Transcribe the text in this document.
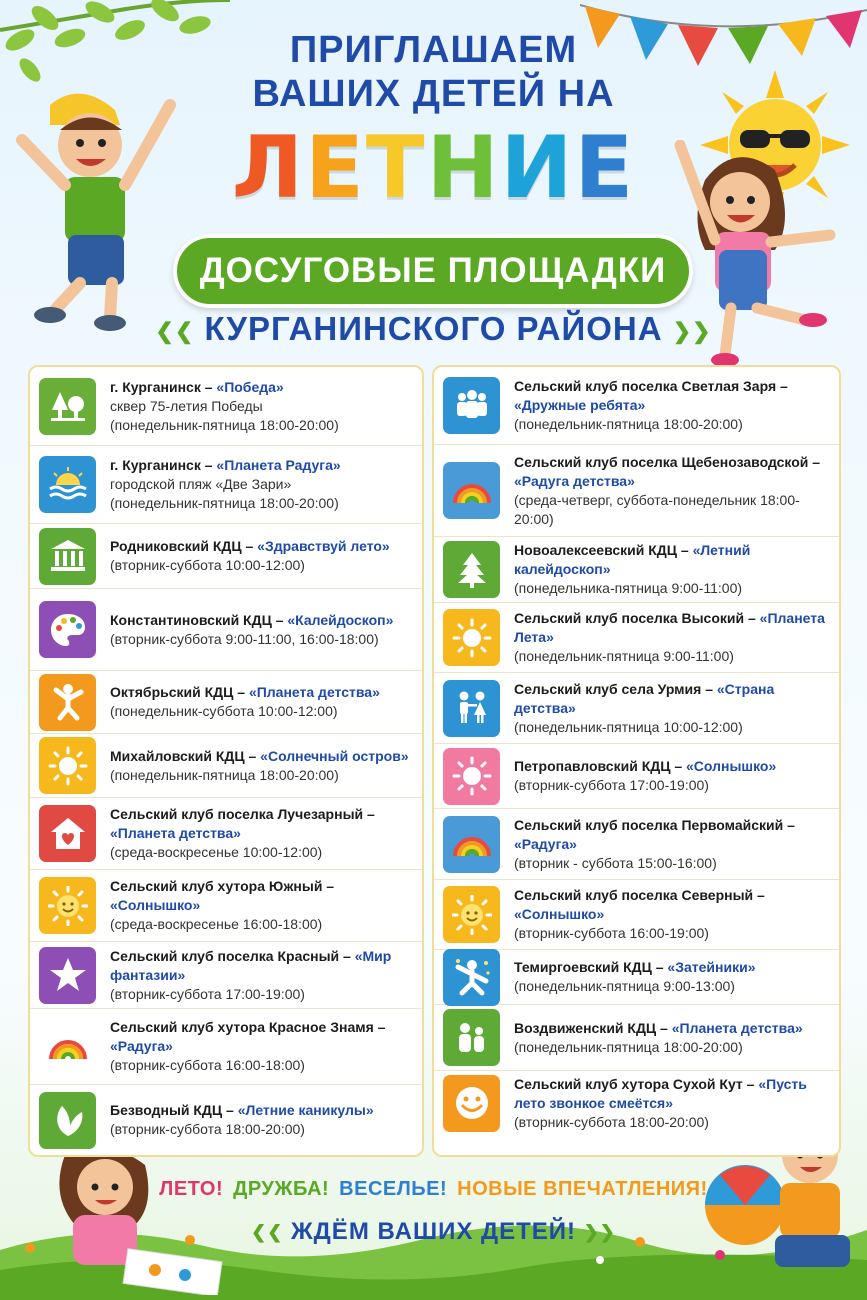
ПРИГЛАШАЕМ
ВАШИХ ДЕТЕЙ НА
ЛЕТНИЕ
ДОСУГОВЫЕ ПЛОЩАДКИ
❮❮ КУРГАНИНСКОГО РАЙОНА ❯❯
г. Курганинск – «Победа»
сквер 75-летия Победы
(понедельник-пятница 18:00-20:00)
г. Курганинск – «Планета Радуга»
городской пляж «Две Зари»
(понедельник-пятница 18:00-20:00)
Родниковский КДЦ – «Здравствуй лето»
(вторник-суббота 10:00-12:00)
Константиновский КДЦ – «Калейдоскоп»
(вторник-суббота 9:00-11:00, 16:00-18:00)
Октябрьский КДЦ – «Планета детства»
(понедельник-суббота 10:00-12:00)
Михайловский КДЦ – «Солнечный остров»
(понедельник-пятница 18:00-20:00)
Сельский клуб поселка Лучезарный – «Планета детства»
(среда-воскресенье 10:00-12:00)
Сельский клуб хутора Южный – «Солнышко»
(среда-воскресенье 16:00-18:00)
Сельский клуб поселка Красный – «Мир фантазии»
(вторник-суббота 17:00-19:00)
Сельский клуб хутора Красное Знамя – «Радуга»
(вторник-суббота 16:00-18:00)
Безводный КДЦ – «Летние каникулы»
(вторник-суббота 18:00-20:00)
Сельский клуб поселка Светлая Заря – «Дружные ребята»
(понедельник-пятница 18:00-20:00)
Сельский клуб поселка Щебенозаводской – «Радуга детства»
(среда-четверг, суббота-понедельник 18:00-20:00)
Новоалексеевский КДЦ – «Летний калейдоскоп»
(понедельника-пятница 9:00-11:00)
Сельский клуб поселка Высокий – «Планета Лета»
(понедельник-пятница 9:00-11:00)
Сельский клуб села Урмия – «Страна детства»
(понедельник-пятница 10:00-12:00)
Петропавловский КДЦ – «Солнышко»
(вторник-суббота 17:00-19:00)
Сельский клуб поселка Первомайский – «Радуга»
(вторник - суббота 15:00-16:00)
Сельский клуб поселка Северный – «Солнышко»
(вторник-суббота 16:00-19:00)
Темиргоевский КДЦ – «Затейники»
(понедельник-пятница 9:00-13:00)
Воздвиженский КДЦ – «Планета детства»
(понедельник-пятница 18:00-20:00)
Сельский клуб хутора Сухой Кут – «Пусть лето звонкое смеётся»
(вторник-суббота 18:00-20:00)
ЛЕТО! ДРУЖБА! ВЕСЕЛЬЕ! НОВЫЕ ВПЕЧАТЛЕНИЯ!
❮❮ ЖДЁМ ВАШИХ ДЕТЕЙ! ❯❯
